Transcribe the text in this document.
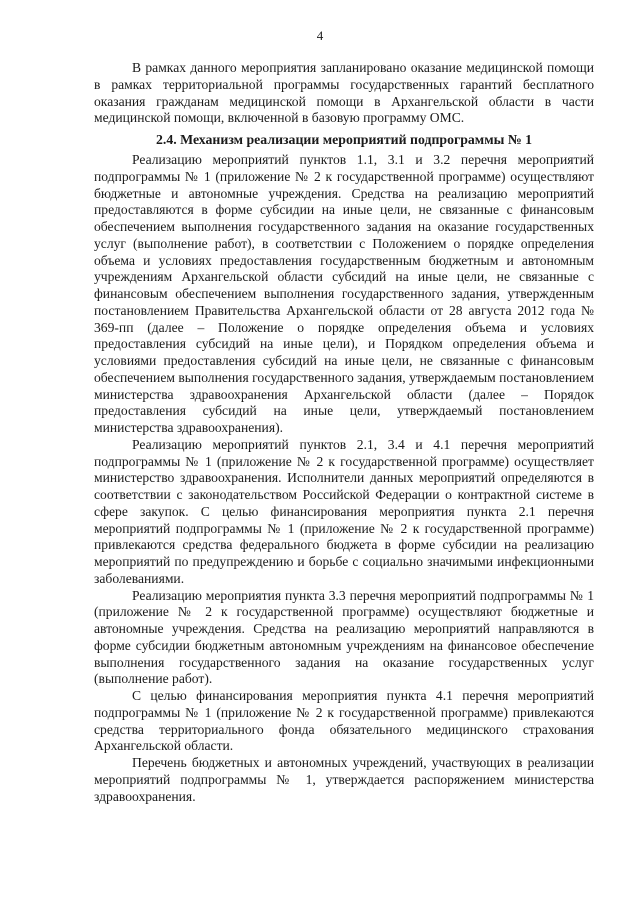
4

В рамках данного мероприятия запланировано оказание медицинской помощи в рамках территориальной программы государственных гарантий бесплатного оказания гражданам медицинской помощи в Архангельской области в части медицинской помощи, включенной в базовую программу ОМС.

2.4. Механизм реализации мероприятий подпрограммы № 1

Реализацию мероприятий пунктов 1.1, 3.1 и 3.2 перечня мероприятий подпрограммы № 1 (приложение № 2 к государственной программе) осуществляют бюджетные и автономные учреждения. Средства на реализацию мероприятий предоставляются в форме субсидии на иные цели, не связанные с финансовым обеспечением выполнения государственного задания на оказание государственных услуг (выполнение работ), в соответствии с Положением о порядке определения объема и условиях предоставления государственным бюджетным и автономным учреждениям Архангельской области субсидий на иные цели, не связанные с финансовым обеспечением выполнения государственного задания, утвержденным постановлением Правительства Архангельской области от 28 августа 2012 года № 369-пп (далее – Положение о порядке определения объема и условиях предоставления субсидий на иные цели), и Порядком определения объема и условиями предоставления субсидий на иные цели, не связанные с финансовым обеспечением выполнения государственного задания, утверждаемым постановлением министерства здравоохранения Архангельской области (далее – Порядок предоставления субсидий на иные цели, утверждаемый постановлением министерства здравоохранения).

Реализацию мероприятий пунктов 2.1, 3.4 и 4.1 перечня мероприятий подпрограммы № 1 (приложение № 2 к государственной программе) осуществляет министерство здравоохранения. Исполнители данных мероприятий определяются в соответствии с законодательством Российской Федерации о контрактной системе в сфере закупок. С целью финансирования мероприятия пункта 2.1 перечня мероприятий подпрограммы № 1 (приложение № 2 к государственной программе) привлекаются средства федерального бюджета в форме субсидии на реализацию мероприятий по предупреждению и борьбе с социально значимыми инфекционными заболеваниями.

Реализацию мероприятия пункта 3.3 перечня мероприятий подпрограммы № 1 (приложение № 2 к государственной программе) осуществляют бюджетные и автономные учреждения. Средства на реализацию мероприятий направляются в форме субсидии бюджетным автономным учреждениям на финансовое обеспечение выполнения государственного задания на оказание государственных услуг (выполнение работ).

С целью финансирования мероприятия пункта 4.1 перечня мероприятий подпрограммы № 1 (приложение № 2 к государственной программе) привлекаются средства территориального фонда обязательного медицинского страхования Архангельской области.

Перечень бюджетных и автономных учреждений, участвующих в реализации мероприятий подпрограммы № 1, утверждается распоряжением министерства здравоохранения.
